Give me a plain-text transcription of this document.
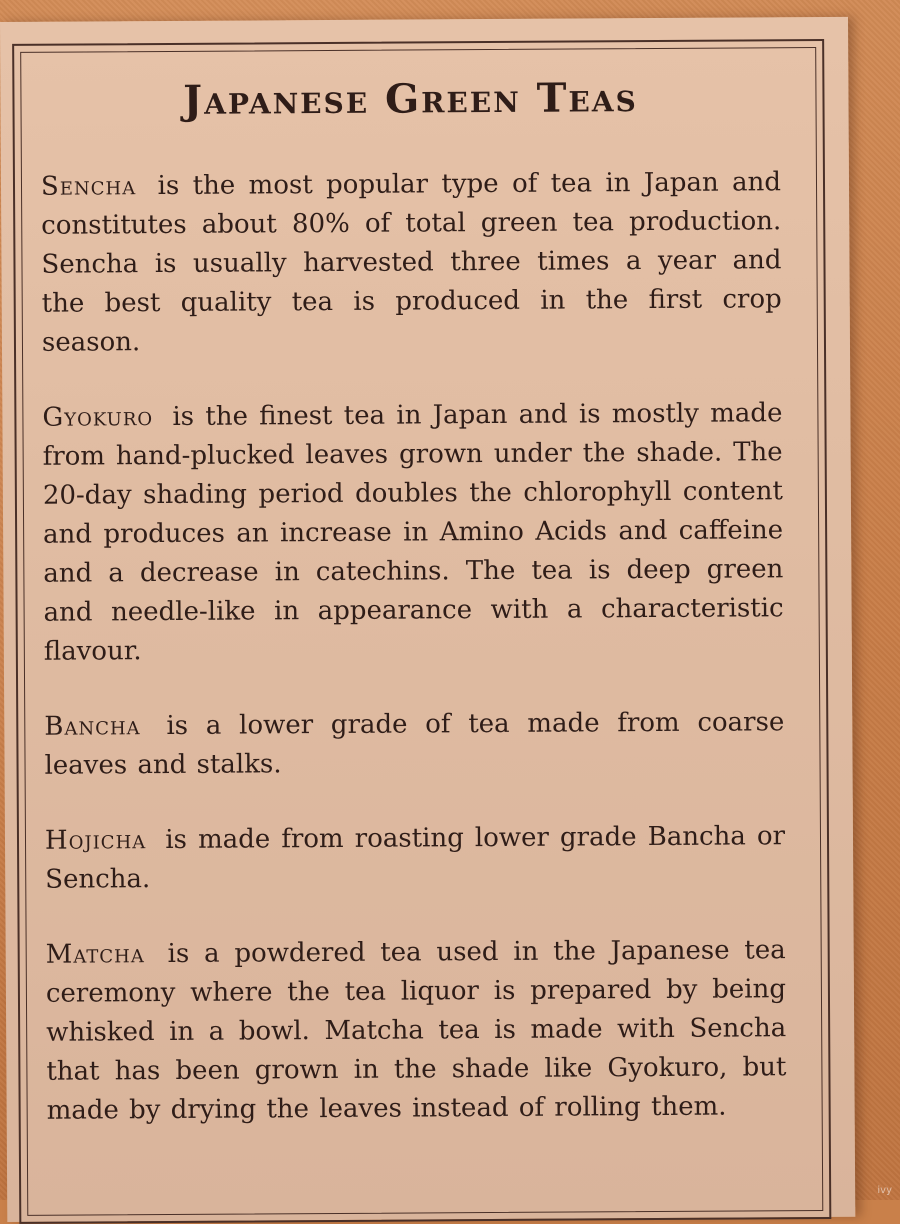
Japanese Green Teas

Sencha is the most popular type of tea in Japan and constitutes about 80% of total green tea production. Sencha is usually harvested three times a year and the best quality tea is produced in the first crop season.

Gyokuro is the finest tea in Japan and is mostly made from hand-plucked leaves grown under the shade. The 20-day shading period doubles the chlorophyll content and produces an increase in Amino Acids and caffeine and a decrease in catechins. The tea is deep green and needle-like in appearance with a characteristic flavour.

Bancha is a lower grade of tea made from coarse leaves and stalks.

Hojicha is made from roasting lower grade Bancha or Sencha.

Matcha is a powdered tea used in the Japanese tea ceremony where the tea liquor is prepared by being whisked in a bowl. Matcha tea is made with Sencha that has been grown in the shade like Gyokuro, but made by drying the leaves instead of rolling them.

ivy
